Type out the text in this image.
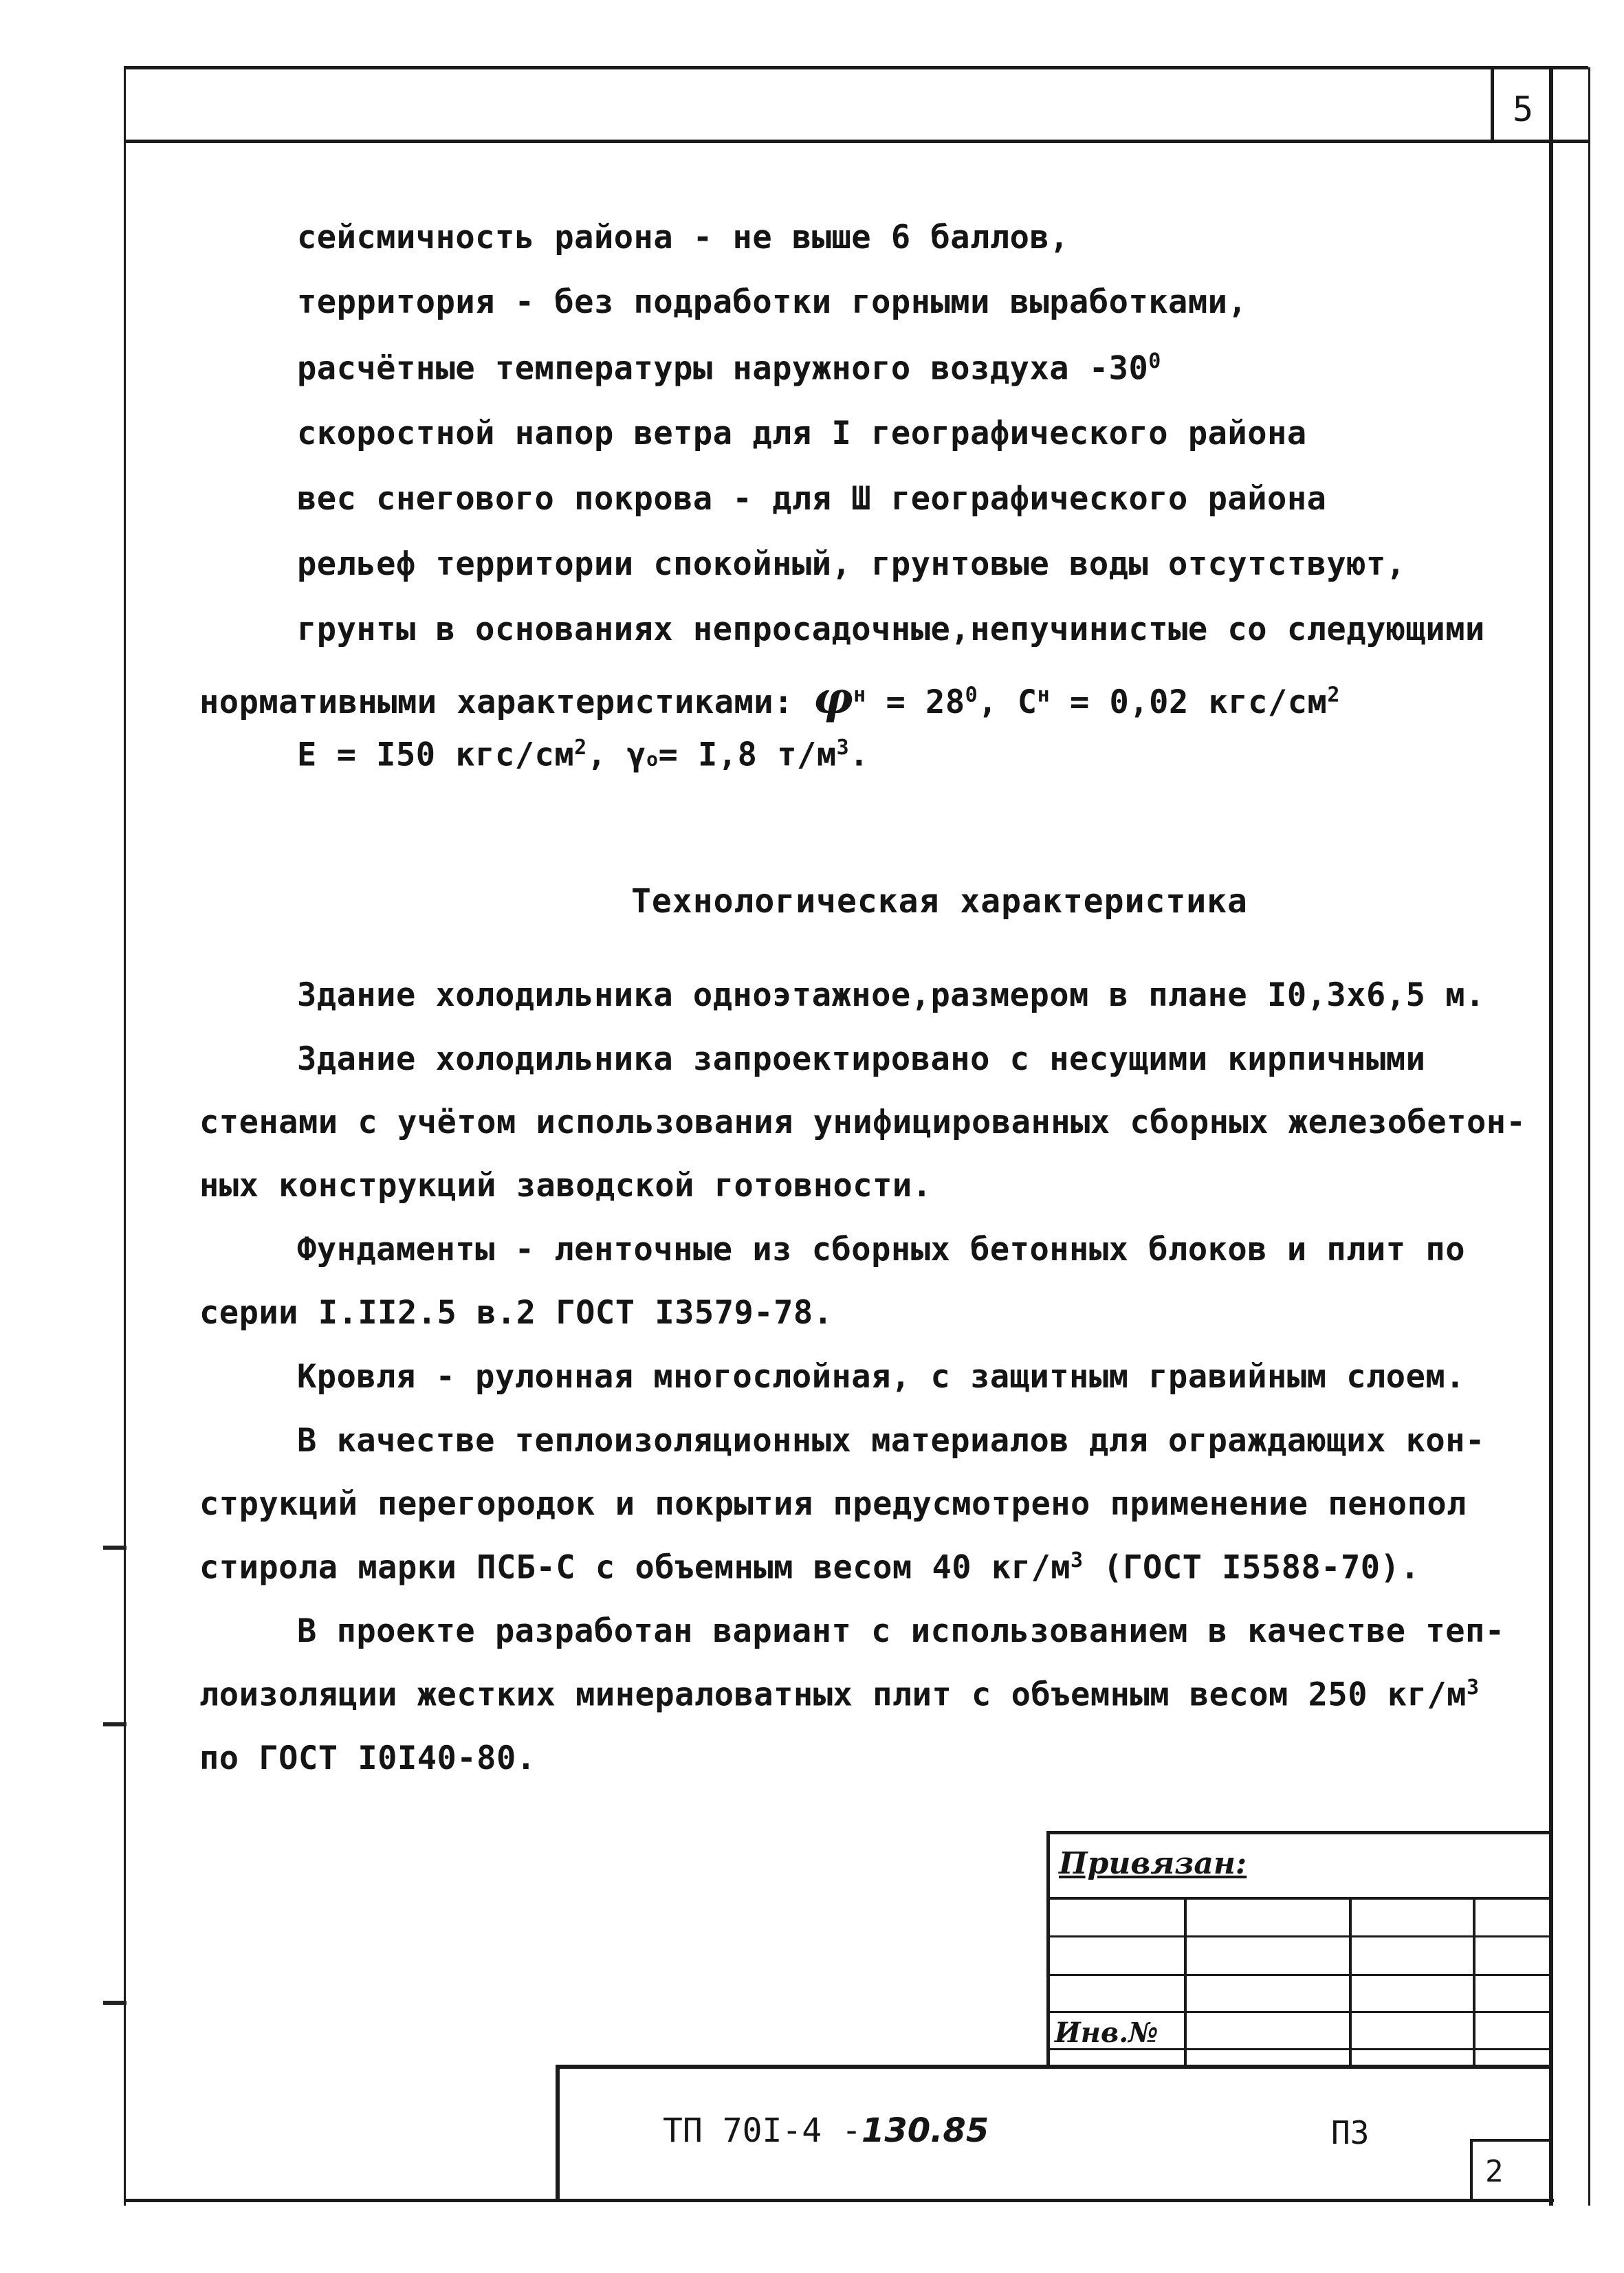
5
сейсмичность района - не выше 6 баллов,
территория - без подработки горными выработками,
расчётные температуры наружного воздуха $-30^0$
скоростной напор ветра для I географического района
вес снегового покрова - для Ш географического района
рельеф территории спокойный, грунтовые воды отсутствуют,
грунты в основаниях непросадочные,непучинистые со следующими
нормативными характеристиками: $\varphi^н = 28^0$, $C^н = 0,02$ кгс/$см^2$
E = I50 кгс/$см^2$, γo= I,8 $т/м^3$.
Технологическая характеристика
Здание холодильника одноэтажное,размером в плане I0,3х6,5 м.
Здание холодильника запроектировано с несущими кирпичными
стенами с учётом использования унифицированных сборных железобетон-
ных конструкций заводской готовности.
Фундаменты - ленточные из сборных бетонных блоков и плит по
серии I.II2.5 в.2 ГОСТ I3579-78.
Кровля - рулонная многослойная, с защитным гравийным слоем.
В качестве теплоизоляционных материалов для ограждающих кон-
струкций перегородок и покрытия предусмотрено применение пенопол
стирола марки ПСБ-С с объемным весом 40 $кг/м^3$ (ГОСТ I5588-70).
В проекте разработан вариант с использованием в качестве теп-
лоизоляции жестких минераловатных плит с объемным весом 250 $кг/м^3$
по ГОСТ I0I40-80.
Привязан:
Инв.№
ТП 70I-4 -130.85	ПЗ
2
